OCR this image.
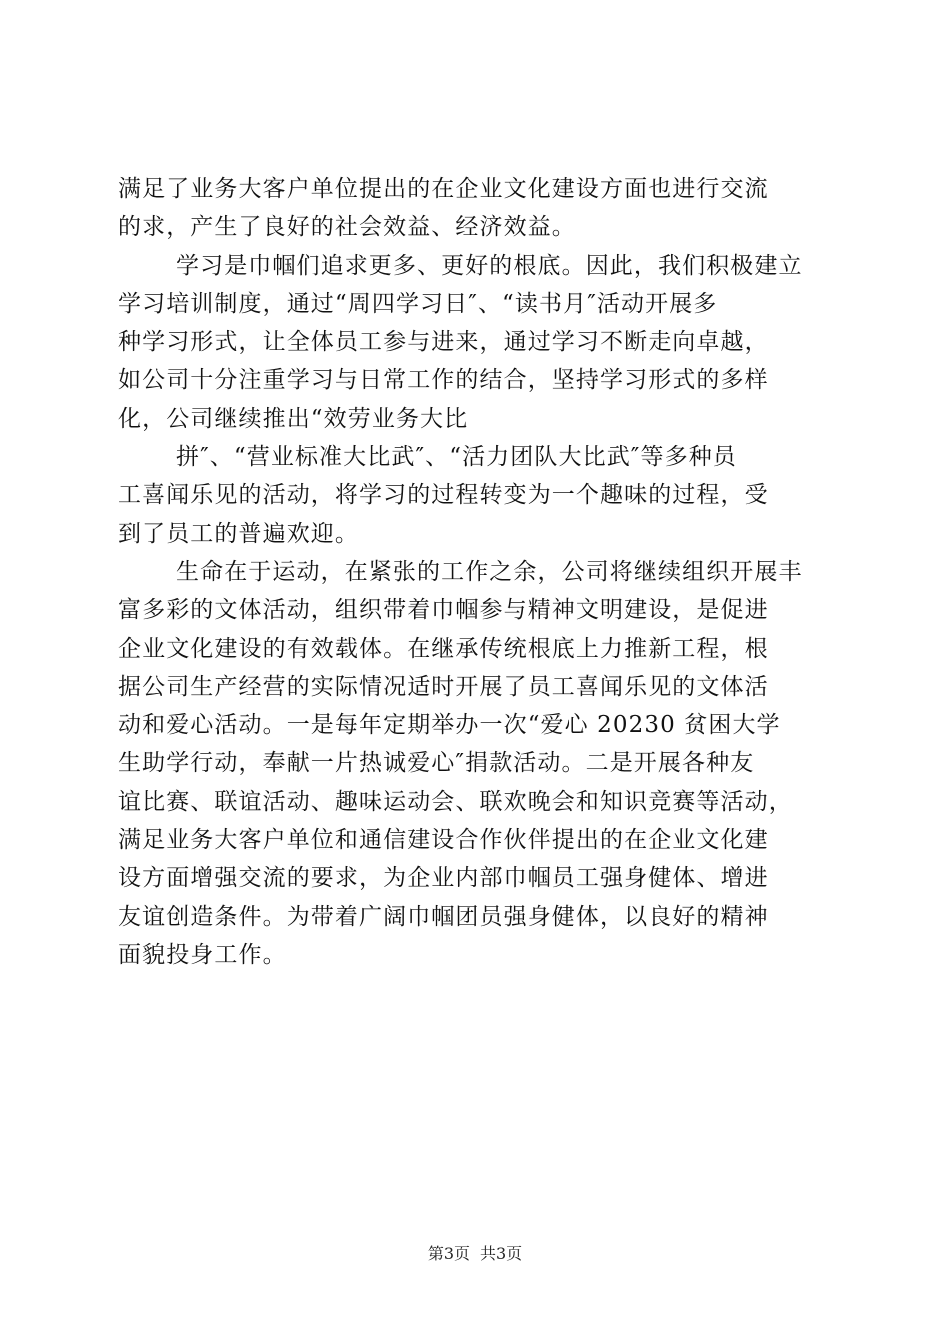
满足了业务大客户单位提出的在企业文化建设方面也进行交流
的求，产生了良好的社会效益、经济效益。
学习是巾帼们追求更多、更好的根底。因此，我们积极建立
学习培训制度，通过“周四学习日″、“读书月″活动开展多
种学习形式，让全体员工参与进来，通过学习不断走向卓越，
如公司十分注重学习与日常工作的结合，坚持学习形式的多样
化，公司继续推出“效劳业务大比
拼″、“营业标准大比武″、“活力团队大比武″等多种员
工喜闻乐见的活动，将学习的过程转变为一个趣味的过程，受
到了员工的普遍欢迎。
生命在于运动，在紧张的工作之余，公司将继续组织开展丰
富多彩的文体活动，组织带着巾帼参与精神文明建设，是促进
企业文化建设的有效载体。在继承传统根底上力推新工程，根
据公司生产经营的实际情况适时开展了员工喜闻乐见的文体活
动和爱心活动。一是每年定期举办一次“爱心 20230 贫困大学
生助学行动，奉献一片热诚爱心″捐款活动。二是开展各种友
谊比赛、联谊活动、趣味运动会、联欢晚会和知识竞赛等活动，
满足业务大客户单位和通信建设合作伙伴提出的在企业文化建
设方面增强交流的要求，为企业内部巾帼员工强身健体、增进
友谊创造条件。为带着广阔巾帼团员强身健体，以良好的精神
面貌投身工作。
第3页 共3页
